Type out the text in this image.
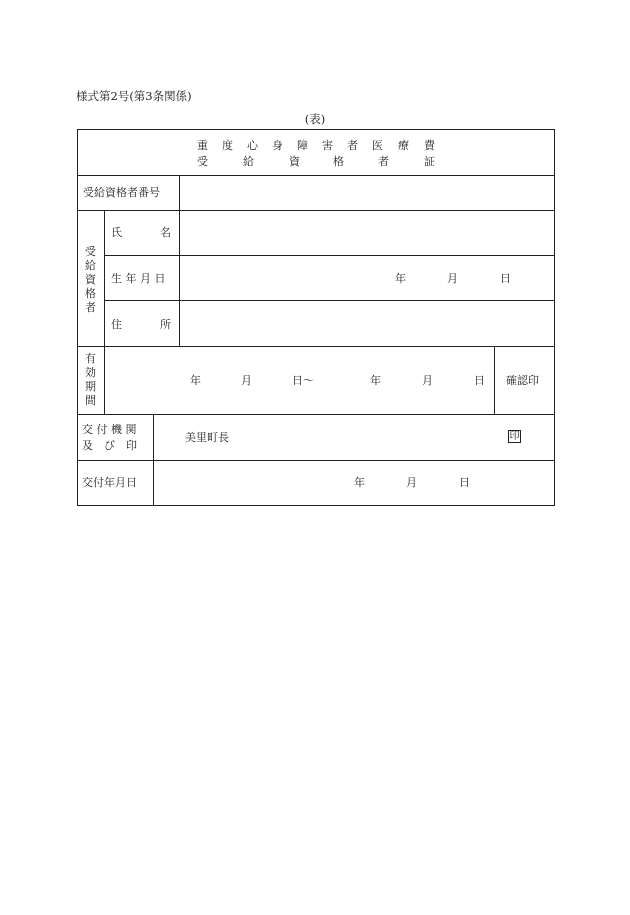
様式第2号(第3条関係)
(表)
重 度 心 身 障 害 者 医 療 費
受	給	資	格	者	証
受給資格者番号
受
給
資
格
者
氏	名
生 年 月 日	年	月	日
住	所
有
効
期
間
年	月	日〜	年	月	日 確認印
交 付 機 関
及　び　印
美里町長	印
交付年月日	年	月	日
